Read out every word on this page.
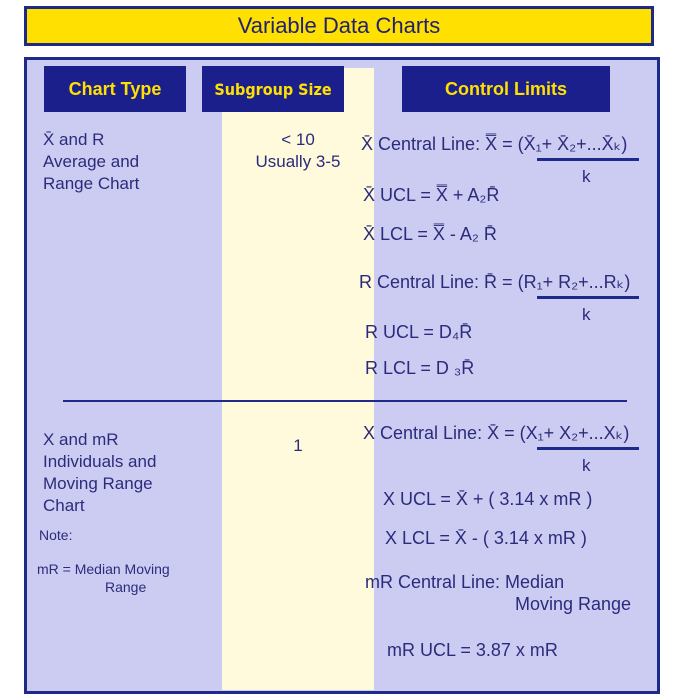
Variable Data Charts
Chart Type	Subgroup Size	Control Limits
X̄ and R
Average and
Range Chart
< 10
Usually 3-5
X̄ Central Line: X̿ = (X̄₁+ X̄₂+...X̄ₖ)
k
X̄ UCL = X̿ + A₂R̄
X̄ LCL = X̿ - A₂ R̄
R Central Line: R̄ = (R₁+ R₂+...Rₖ)
k
R UCL = D₄R̄
R LCL = D ₃R̄
X and mR
Individuals and
Moving Range
Chart
Note:
mR = Median Moving
Range
1
X Central Line: X̄ = (X₁+ X₂+...Xₖ)
k
X UCL = X̄ + ( 3.14 x mR )
X LCL = X̄ - ( 3.14 x mR )
mR Central Line: Median
Moving Range
mR UCL = 3.87 x mR
